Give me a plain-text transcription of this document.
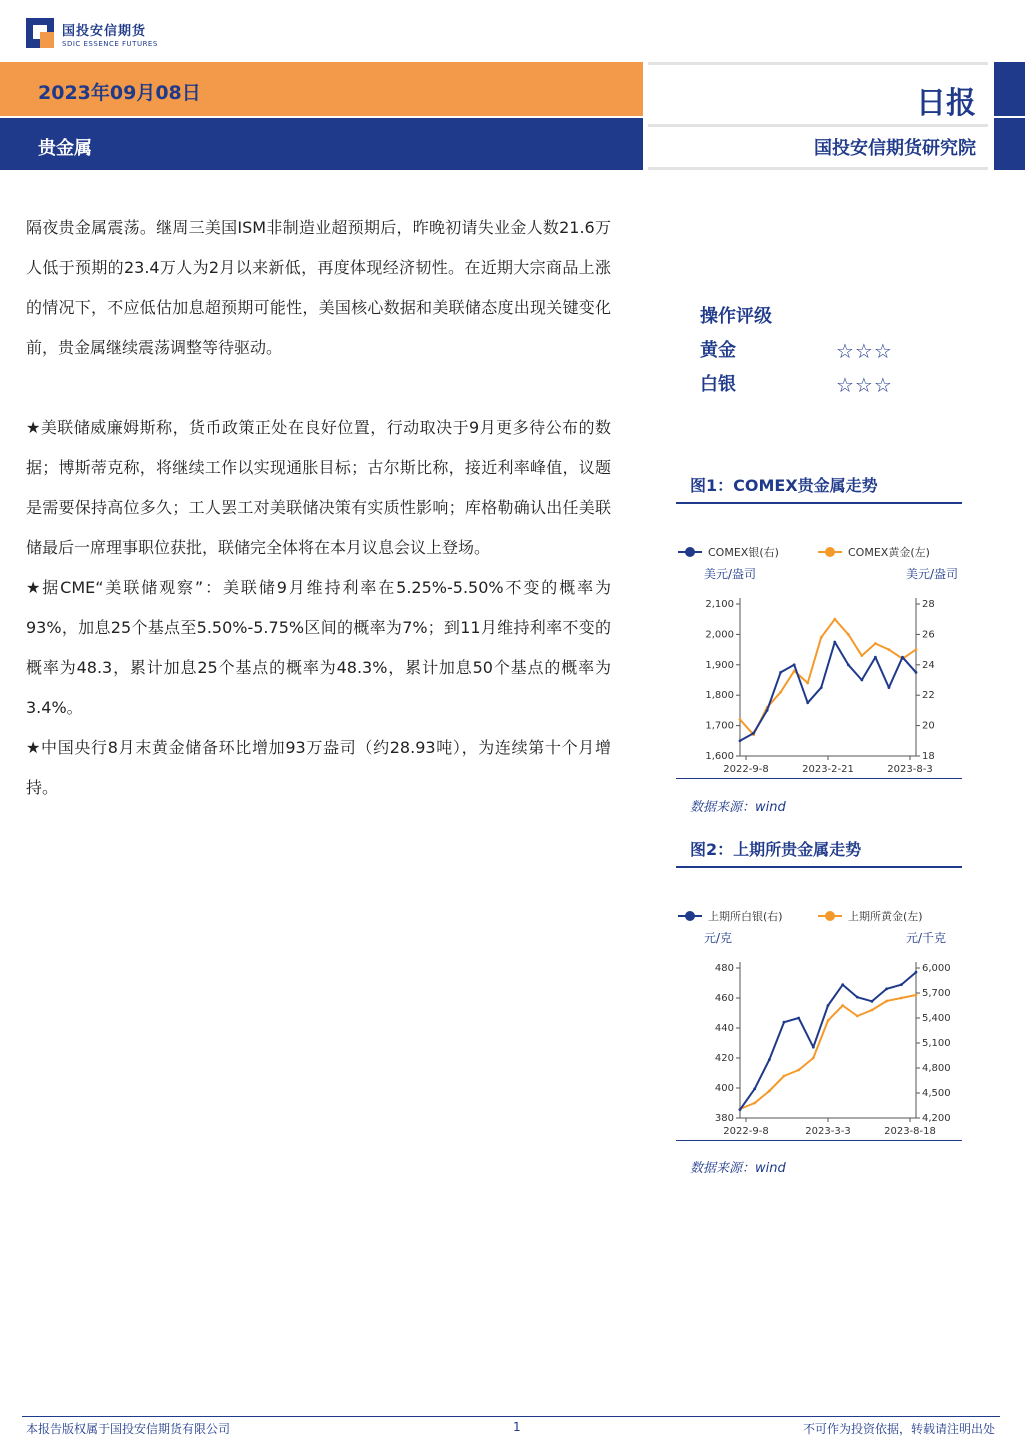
国投安信期货
SDIC ESSENCE FUTURES
2023年09月08日
贵金属
日报
国投安信期货研究院

隔夜贵金属震荡。继周三美国ISM非制造业超预期后，昨晚初请失业金人数21.6万人低于预期的23.4万人为2月以来新低，再度体现经济韧性。在近期大宗商品上涨的情况下，不应低估加息超预期可能性，美国核心数据和美联储态度出现关键变化前，贵金属继续震荡调整等待驱动。

★美联储威廉姆斯称，货币政策正处在良好位置，行动取决于9月更多待公布的数据；博斯蒂克称，将继续工作以实现通胀目标；古尔斯比称，接近利率峰值，议题是需要保持高位多久；工人罢工对美联储决策有实质性影响；库格勒确认出任美联储最后一席理事职位获批，联储完全体将在本月议息会议上登场。

★据CME“美联储观察”：美联储9月维持利率在5.25%-5.50%不变的概率为93%，加息25个基点至5.50%-5.75%区间的概率为7%；到11月维持利率不变的概率为48.3，累计加息25个基点的概率为48.3%，累计加息50个基点的概率为3.4%。

★中国央行8月末黄金储备环比增加93万盎司（约28.93吨），为连续第十个月增持。

操作评级
黄金	☆☆☆
白银	☆☆☆
图1：COMEX贵金属走势
COMEX银(右)	COMEX黄金(左)
美元/盎司	美元/盎司
1,600
1,700
1,800
1,900
2,000
2,100
18
20
22
24
26
28
2022-9-8	2023-2-21	2023-8-3
数据来源：wind
图2：上期所贵金属走势
上期所白银(右)	上期所黄金(左)
元/克	元/千克
380
400
420
440
460
480
4,200
4,500
4,800
5,100
5,400
5,700
6,000
2022-9-8	2023-3-3	2023-8-18
数据来源：wind
本报告版权属于国投安信期货有限公司	1	不可作为投资依据，转载请注明出处
